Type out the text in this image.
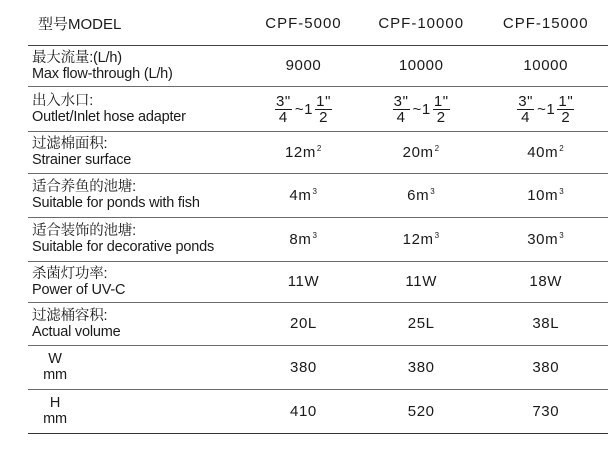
型号MODEL	CPF-5000	CPF-10000	CPF-15000

最大流量:(L/h)
Max flow-through (L/h)	9000	10000	10000

出入水口:
Outlet/Inlet hose adapter	$\frac{3"}{4}$ ~1 $\frac{1"}{2}$	$\frac{3"}{4}$ ~1 $\frac{1"}{2}$	$\frac{3"}{4}$ ~1 $\frac{1"}{2}$

过滤棉面积:
Strainer surface	$12m^2$	$20m^2$	$40m^2$

适合养鱼的池塘:
Suitable for ponds with fish	$4m^3$	$6m^3$	$10m^3$

适合装饰的池塘:
Suitable for decorative ponds	$8m^3$	$12m^3$	$30m^3$

杀菌灯功率:
Power of UV-C	11W	11W	18W

过滤桶容积:
Actual volume	20L	25L	38L

W
mm	380	380	380

H
mm	410	520	730
